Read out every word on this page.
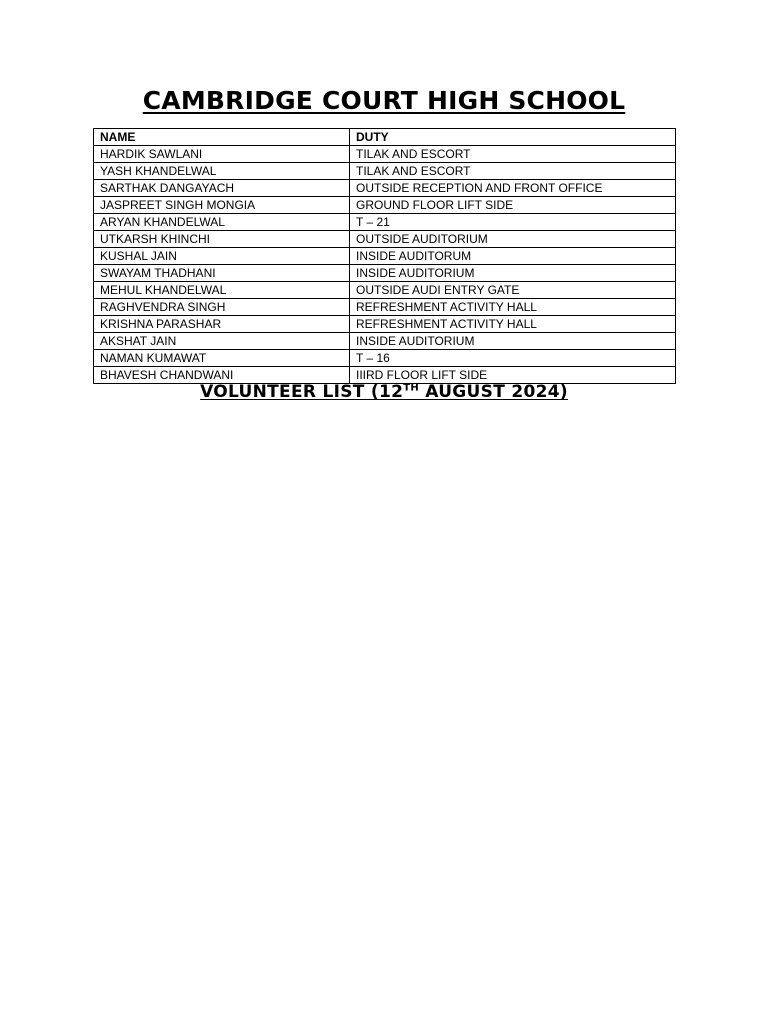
CAMBRIDGE COURT HIGH SCHOOL
NAME	DUTY
HARDIK SAWLANI	TILAK AND ESCORT
YASH KHANDELWAL	TILAK AND ESCORT
SARTHAK DANGAYACH	OUTSIDE RECEPTION AND FRONT OFFICE
JASPREET SINGH MONGIA	GROUND FLOOR LIFT SIDE
ARYAN KHANDELWAL	T – 21
UTKARSH KHINCHI	OUTSIDE AUDITORIUM
KUSHAL JAIN	INSIDE AUDITORUM
SWAYAM THADHANI	INSIDE AUDITORIUM
MEHUL KHANDELWAL	OUTSIDE AUDI ENTRY GATE
RAGHVENDRA SINGH	REFRESHMENT ACTIVITY HALL
KRISHNA PARASHAR	REFRESHMENT ACTIVITY HALL
AKSHAT JAIN	INSIDE AUDITORIUM
NAMAN KUMAWAT	T – 16
BHAVESH CHANDWANI	IIIRD FLOOR LIFT SIDE
VOLUNTEER LIST (12TH AUGUST 2024)
